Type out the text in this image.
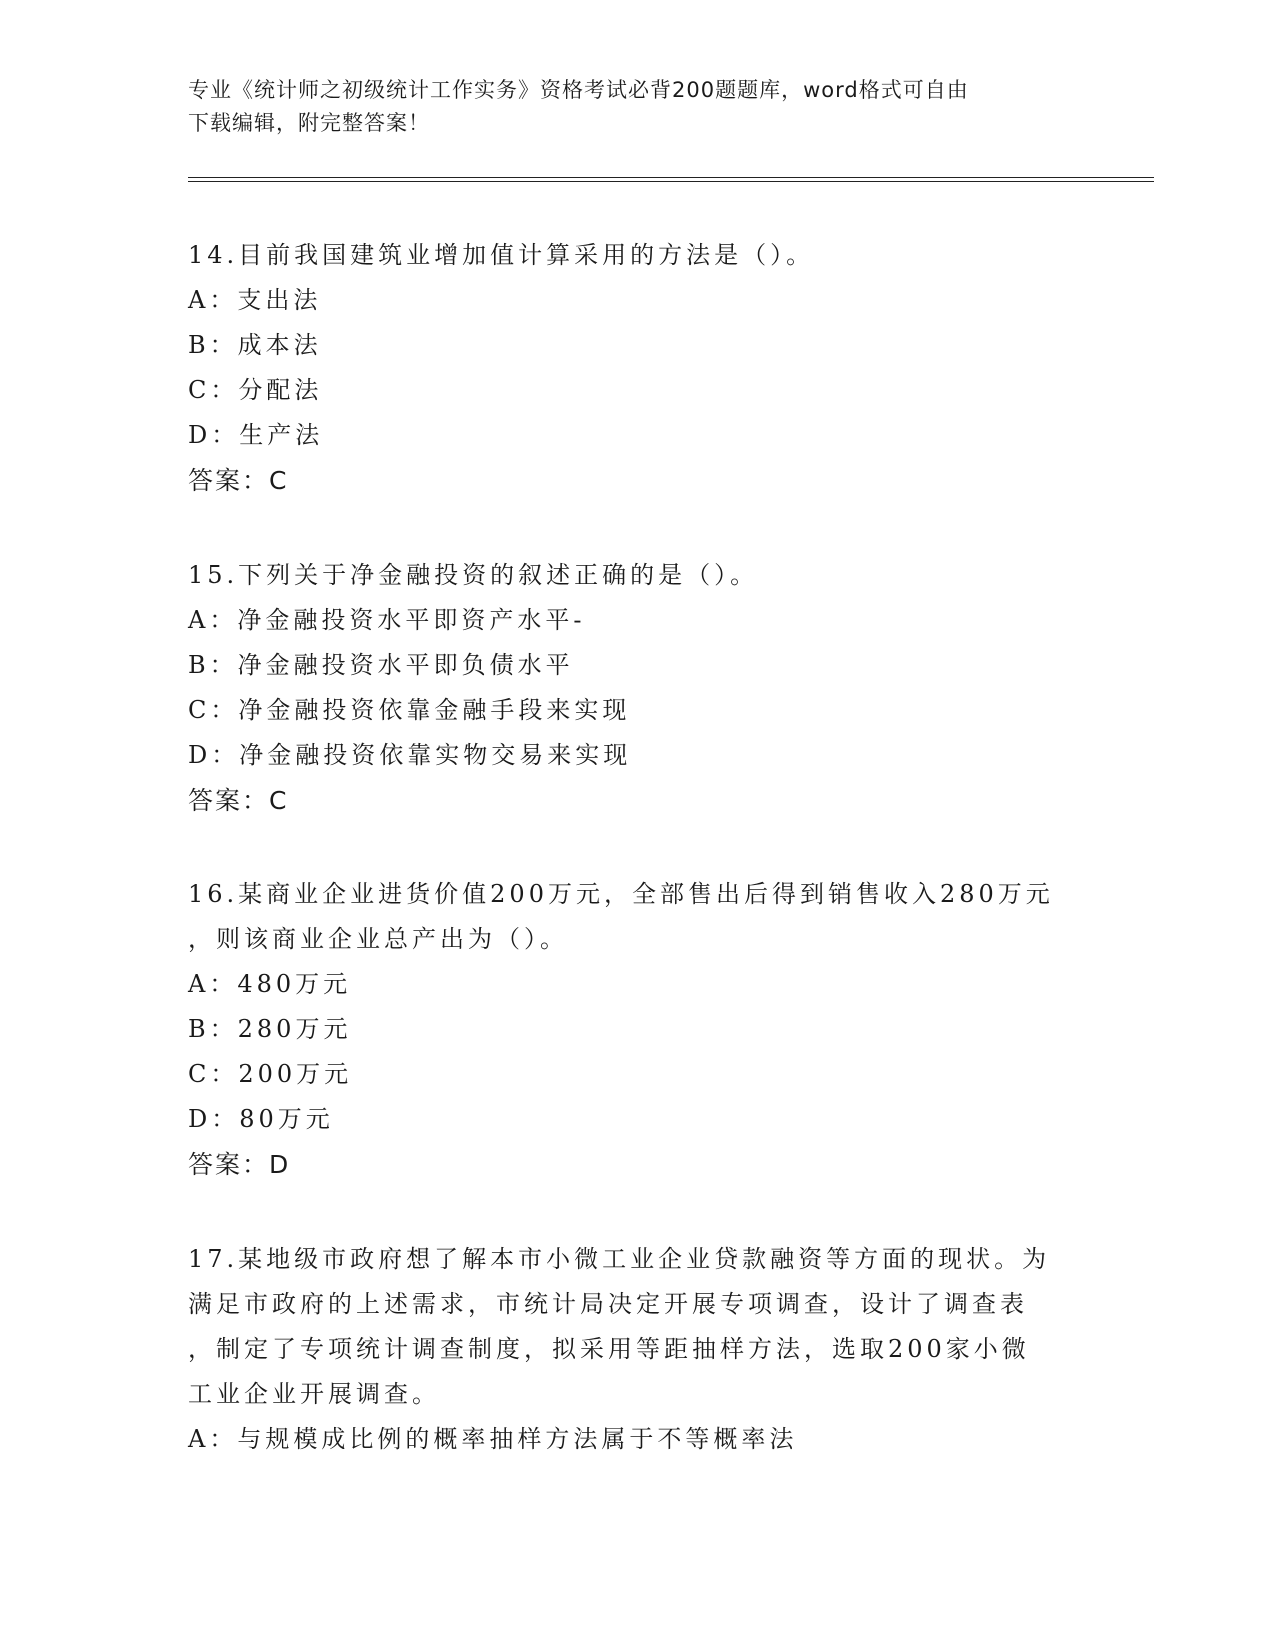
专业《统计师之初级统计工作实务》资格考试必背200题题库，word格式可自由
下载编辑，附完整答案！

14.目前我国建筑业增加值计算采用的方法是（）。

A：支出法

B：成本法

C：分配法

D：生产法

答案：C

15.下列关于净金融投资的叙述正确的是（）。

A：净金融投资水平即资产水平-

B：净金融投资水平即负债水平

C：净金融投资依靠金融手段来实现

D：净金融投资依靠实物交易来实现

答案：C

16.某商业企业进货价值200万元，全部售出后得到销售收入280万元

，则该商业企业总产出为（）。

A：480万元

B：280万元

C：200万元

D：80万元

答案：D

17.某地级市政府想了解本市小微工业企业贷款融资等方面的现状。为

满足市政府的上述需求，市统计局决定开展专项调查，设计了调查表

，制定了专项统计调查制度，拟采用等距抽样方法，选取200家小微

工业企业开展调查。

A：与规模成比例的概率抽样方法属于不等概率法
